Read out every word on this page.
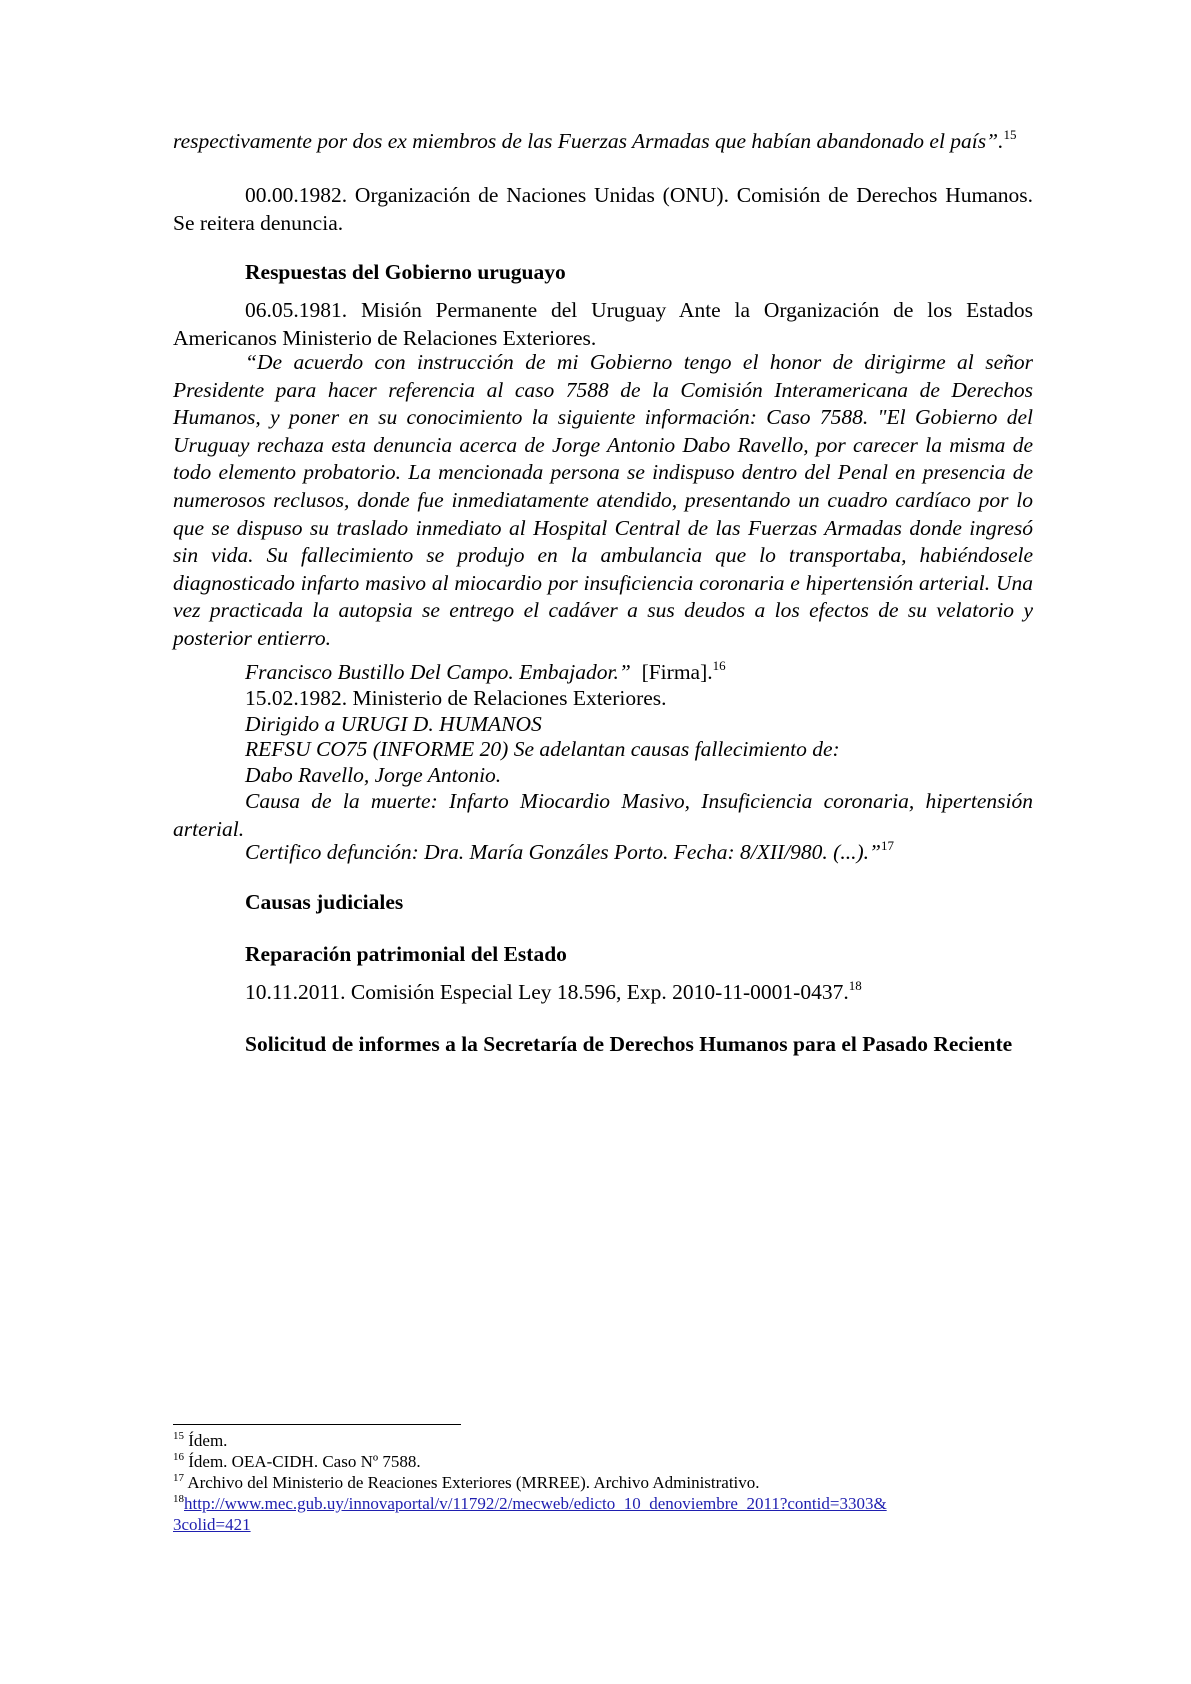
respectivamente por dos ex miembros de las Fuerzas Armadas que habían abandonado el país”.$^{15}$

00.00.1982. Organización de Naciones Unidas (ONU). Comisión de Derechos Humanos. Se reitera denuncia.

Respuestas del Gobierno uruguayo

06.05.1981. Misión Permanente del Uruguay Ante la Organización de los Estados Americanos Ministerio de Relaciones Exteriores.

“De acuerdo con instrucción de mi Gobierno tengo el honor de dirigirme al señor Presidente para hacer referencia al caso 7588 de la Comisión Interamericana de Derechos Humanos, y poner en su conocimiento la siguiente información: Caso 7588. "El Gobierno del Uruguay rechaza esta denuncia acerca de Jorge Antonio Dabo Ravello, por carecer la misma de todo elemento probatorio. La mencionada persona se indispuso dentro del Penal en presencia de numerosos reclusos, donde fue inmediatamente atendido, presentando un cuadro cardíaco por lo que se dispuso su traslado inmediato al Hospital Central de las Fuerzas Armadas donde ingresó sin vida. Su fallecimiento se produjo en la ambulancia que lo transportaba, habiéndosele diagnosticado infarto masivo al miocardio por insuficiencia coronaria e hipertensión arterial. Una vez practicada la autopsia se entrego el cadáver a sus deudos a los efectos de su velatorio y posterior entierro.

Francisco Bustillo Del Campo. Embajador.” [Firma].$^{16}$

15.02.1982. Ministerio de Relaciones Exteriores.

Dirigido a URUGI D. HUMANOS

REFSU CO75 (INFORME 20) Se adelantan causas fallecimiento de:

Dabo Ravello, Jorge Antonio.

Causa de la muerte: Infarto Miocardio Masivo, Insuficiencia coronaria, hipertensión arterial.

Certifico defunción: Dra. María Gonzáles Porto. Fecha: 8/XII/980. (...).”$^{17}$

Causas judiciales

Reparación patrimonial del Estado

10.11.2011. Comisión Especial Ley 18.596, Exp. 2010-11-0001-0437.18

Solicitud de informes a la Secretaría de Derechos Humanos para el Pasado Reciente

$^{15}$ Ídem.

$^{16}$ Ídem. OEA-CIDH. Caso Nº 7588.

$^{17}$ Archivo del Ministerio de Reaciones Exteriores (MRREE). Archivo Administrativo.

$^{18}$http://www.mec.gub.uy/innovaportal/v/11792/2/mecweb/edicto_10_denoviembre_2011?contid=3303&

3colid=421
